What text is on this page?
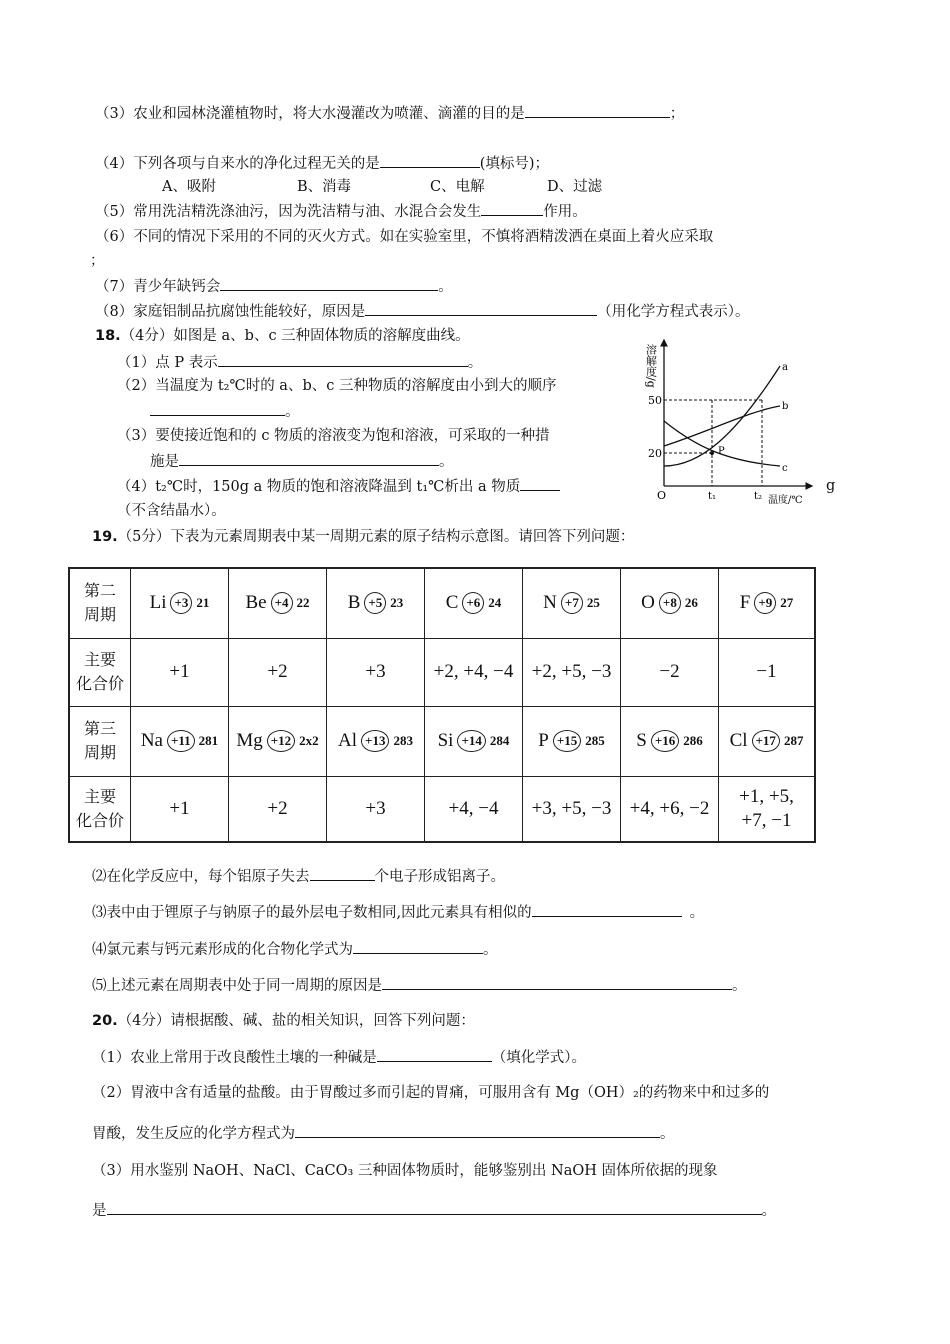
（3）农业和园林浇灌植物时，将大水漫灌改为喷灌、滴灌的目的是	；
（4）下列各项与自来水的净化过程无关的是	(填标号)；
A、吸附	B、消毒	C、电解	D、过滤
（5）常用洗洁精洗涤油污，因为洗洁精与油、水混合会发生	作用。
（6）不同的情况下采用的不同的灭火方式。如在实验室里，不慎将酒精泼洒在桌面上着火应采取
；
（7）青少年缺钙会	。
（8）家庭铝制品抗腐蚀性能较好，原因是	（用化学方程式表示）。
18.（4分）如图是 a、b、c 三种固体物质的溶解度曲线。
（1）点 P 表示	。
（2）当温度为 t₂℃时的 a、b、c 三种物质的溶解度由小到大的顺序
。
（3）要使接近饱和的 c 物质的溶液变为饱和溶液，可采取的一种措
施是	。
（4）t₂℃时，150g a 物质的饱和溶液降温到 t₁℃析出 a 物质	g
（不含结晶水）。
溶解度/g
50
20
O	t₁	t₂ 温度/℃
P
a
b
c
19.（5分）下表为元素周期表中某一周期元素的原子结构示意图。请回答下列问题：
第二
周期	Li +3 21	Be +4 22	B +5 23	C +6 24	N +7 25	O +8 26	F +9 27

主要
化合价	+1	+2	+3	+2, +4, −4	+2, +5, −3	−2	−1
第三
周期	Na +11 281	Mg +12 2x2	Al +13 283	Si +14 284	P +15 285	S +16 286	Cl +17 287

主要
化合价	+1	+2	+3	+4, −4	+3, +5, −3	+4, +6, −2	+1, +5,
+7, −1
⑵在化学反应中，每个铝原子失去	个电子形成铝离子。
⑶表中由于锂原子与钠原子的最外层电子数相同,因此元素具有相似的	。
⑷氯元素与钙元素形成的化合物化学式为	。
⑸上述元素在周期表中处于同一周期的原因是	。
20.（4分）请根据酸、碱、盐的相关知识，回答下列问题：
（1）农业上常用于改良酸性土壤的一种碱是	（填化学式）。
（2）胃液中含有适量的盐酸。由于胃酸过多而引起的胃痛，可服用含有 Mg（OH）₂的药物来中和过多的
胃酸，发生反应的化学方程式为	。
（3）用水鉴别 NaOH、NaCl、CaCO₃ 三种固体物质时，能够鉴别出 NaOH 固体所依据的现象
是	。
